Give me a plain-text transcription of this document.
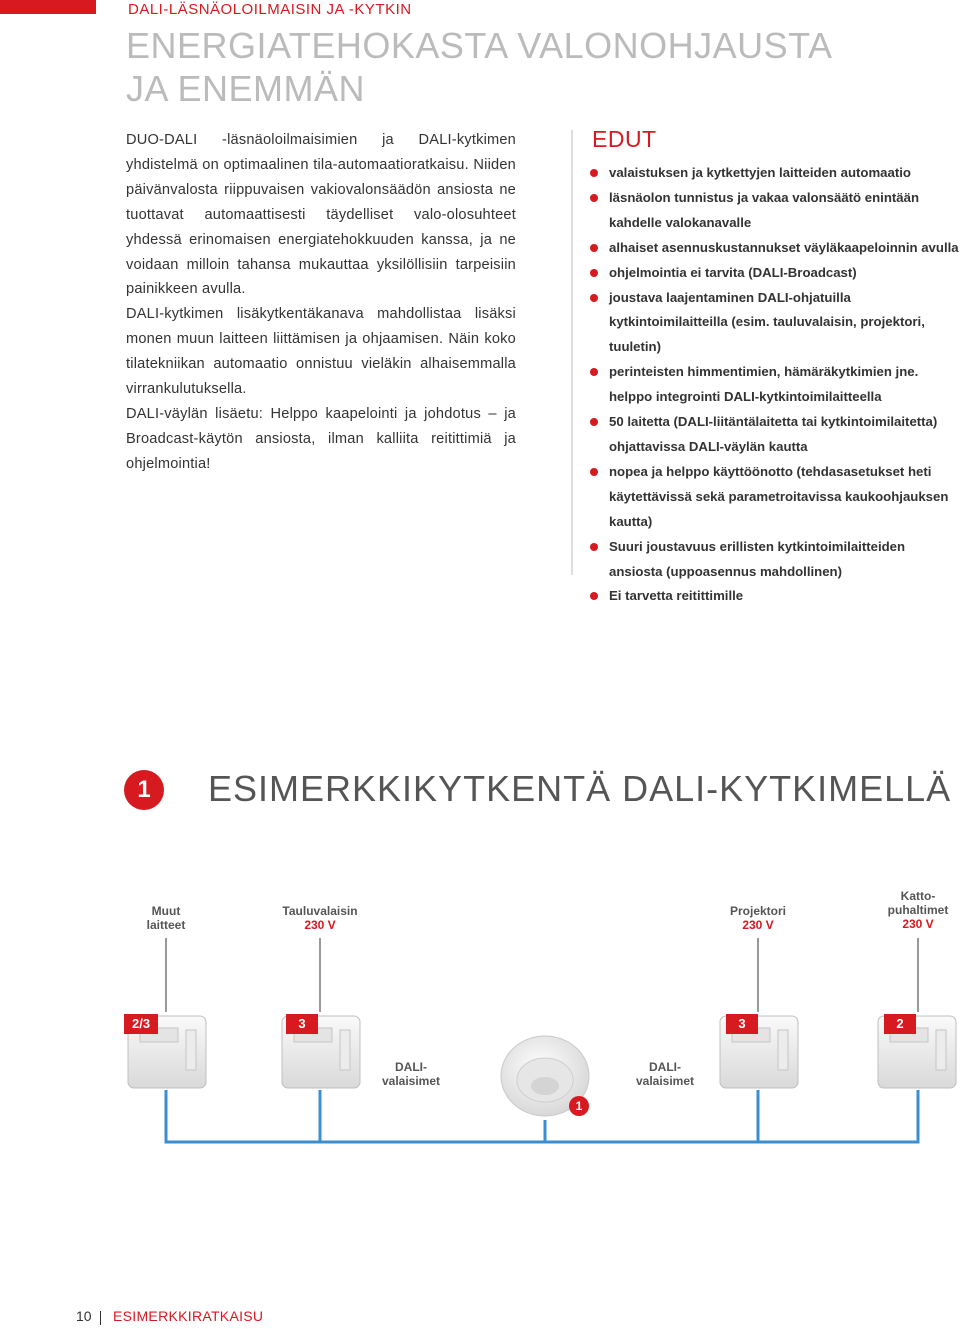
DALI-LÄSNÄOLOILMAISIN JA -KYTKIN
ENERGIATEHOKASTA VALONOHJAUSTA
JA ENEMMÄN

DUO-DALI -läsnäoloilmaisimien ja DALI-kytkimen yhdistelmä on optimaalinen tila-automaatioratkaisu. Niiden päivänvalosta riippuvaisen vakiovalonsäädön ansiosta ne tuottavat automaattisesti täydelliset valo-olosuhteet yhdessä erinomaisen energiatehokkuuden kanssa, ja ne voidaan milloin tahansa mukauttaa yksilöllisiin tarpeisiin painikkeen avulla.

DALI-kytkimen lisäkytkentäkanava mahdollistaa lisäksi monen muun laitteen liittämisen ja ohjaamisen. Näin koko tilatekniikan automaatio onnistuu vieläkin alhaisemmalla virrankulutuksella.

DALI-väylän lisäetu: Helppo kaapelointi ja johdotus – ja Broadcast-käytön ansiosta, ilman kalliita reitittimiä ja ohjelmointia!

EDUT
valaistuksen ja kytkettyjen laitteiden automaatio
läsnäolon tunnistus ja vakaa valonsäätö enintään kahdelle valokanavalle
alhaiset asennuskustannukset väyläkaapeloinnin avulla
ohjelmointia ei tarvita (DALI-Broadcast)
joustava laajentaminen DALI-ohjatuilla kytkintoimilaitteilla (esim. tauluvalaisin, projektori, tuuletin)
perinteisten himmentimien, hämäräkytkimien jne. helppo integrointi DALI-kytkintoimilaitteella
50 laitetta (DALI-liitäntälaitetta tai kytkintoimilaitetta) ohjattavissa DALI-väylän kautta
nopea ja helppo käyttöönotto (tehdasasetukset heti käytettävissä sekä parametroitavissa kaukoohjauksen kautta)
Suuri joustavuus erillisten kytkintoimilaitteiden ansiosta (uppoasennus mahdollinen)
Ei tarvetta reitittimille
1	ESIMERKKIKYTKENTÄ DALI-KYTKIMELLÄ
Muut
laitteet
Tauluvalaisin
230 V
Projektori
230 V
Katto-
puhaltimet
230 V
2/3	3	3	2
DALI-
valaisimet
DALI-
valaisimet
1
10 ESIMERKKIRATKAISU
